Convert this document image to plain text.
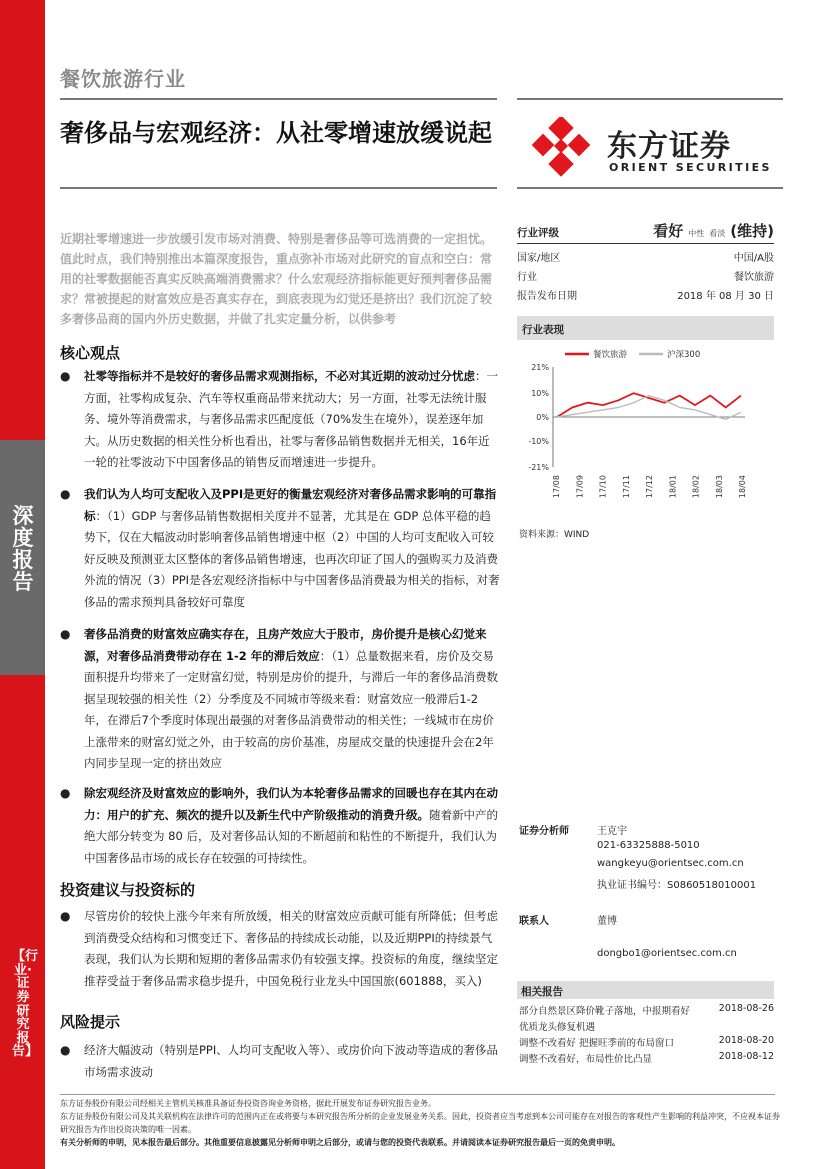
深度报告
【行业·证券研究报告】
餐饮旅游行业
奢侈品与宏观经济：从社零增速放缓说起	东方证券
ORIENT SECURITIES
近期社零增速进一步放缓引发市场对消费、特别是奢侈品等可选消费的一定担忧。值此时点，我们特别推出本篇深度报告，重点弥补市场对此研究的盲点和空白：常用的社零数据能否真实反映高端消费需求？什么宏观经济指标能更好预判奢侈品需求？常被提起的财富效应是否真实存在，到底表现为幻觉还是挤出？我们沉淀了较多奢侈品商的国内外历史数据，并做了扎实定量分析，以供参考
核心观点
● 社零等指标并不是较好的奢侈品需求观测指标，不必对其近期的波动过分忧虑：一方面，社零构成复杂、汽车等权重商品带来扰动大；另一方面，社零无法统计服务、境外等消费需求，与奢侈品需求匹配度低（70%发生在境外），误差逐年加大。从历史数据的相关性分析也看出，社零与奢侈品销售数据并无相关，16年近一轮的社零波动下中国奢侈品的销售反而增速进一步提升。
● 我们认为人均可支配收入及PPI是更好的衡量宏观经济对奢侈品需求影响的可靠指标：（1）GDP 与奢侈品销售数据相关度并不显著，尤其是在 GDP 总体平稳的趋势下，仅在大幅波动时影响奢侈品销售增速中枢（2）中国的人均可支配收入可较好反映及预测亚太区整体的奢侈品销售增速，也再次印证了国人的强购买力及消费外流的情况（3）PPI是各宏观经济指标中与中国奢侈品消费最为相关的指标，对奢侈品的需求预判具备较好可靠度
● 奢侈品消费的财富效应确实存在，且房产效应大于股市，房价提升是核心幻觉来源，对奢侈品消费带动存在 1-2 年的滞后效应：（1）总量数据来看，房价及交易面积提升均带来了一定财富幻觉，特别是房价的提升，与滞后一年的奢侈品消费数据呈现较强的相关性（2）分季度及不同城市等级来看：财富效应一般滞后1-2年，在滞后7个季度时体现出最强的对奢侈品消费带动的相关性；一线城市在房价上涨带来的财富幻觉之外，由于较高的房价基准，房屋成交量的快速提升会在2年内同步呈现一定的挤出效应
● 除宏观经济及财富效应的影响外，我们认为本轮奢侈品需求的回暖也存在其内在动力：用户的扩充、频次的提升以及新生代中产阶级推动的消费升级。随着新中产的绝大部分转变为 80 后，及对奢侈品认知的不断超前和粘性的不断提升，我们认为中国奢侈品市场的成长存在较强的可持续性。
投资建议与投资标的
● 尽管房价的较快上涨今年来有所放缓，相关的财富效应贡献可能有所降低；但考虑到消费受众结构和习惯变迁下、奢侈品的持续成长动能，以及近期PPI的持续景气表现，我们认为长期和短期的奢侈品需求仍有较强支撑。投资标的角度，继续坚定推荐受益于奢侈品需求稳步提升，中国免税行业龙头中国国旅(601888，买入)
风险提示
● 经济大幅波动（特别是PPI、人均可支配收入等）、或房价向下波动等造成的奢侈品市场需求波动
行业评级	看好 中性 看淡 (维持)
国家/地区	中国/A股
行业	餐饮旅游
报告发布日期	2018 年 08 月 30 日
行业表现
餐饮旅游	沪深300
21%
10%
0%
-10%
-21%
17/08 17/09 17/10 17/11 17/12 18/01 18/02 18/03 18/04
资料来源：WIND
证券分析师	王克宇
021-63325888-5010
wangkeyu@orientsec.com.cn
执业证书编号：S0860518010001
联系人	董博
dongbo1@orientsec.com.cn
相关报告
部分自然景区降价靴子落地，中报期看好	2018-08-26
优质龙头修复机遇
调整不改看好 把握旺季前的布局窗口	2018-08-20
调整不改看好，布局性价比凸显	2018-08-12
东方证券股份有限公司经相关主管机关核准具备证券投资咨询业务资格，据此开展发布证券研究报告业务。
东方证券股份有限公司及其关联机构在法律许可的范围内正在或将要与本研究报告所分析的企业发展业务关系。因此，投资者应当考虑到本公司可能存在对报告的客观性产生影响的利益冲突，不应视本证券研究报告为作出投资决策的唯一因素。
有关分析师的申明，见本报告最后部分。其他重要信息披露见分析师申明之后部分，或请与您的投资代表联系。并请阅读本证券研究报告最后一页的免责申明。
